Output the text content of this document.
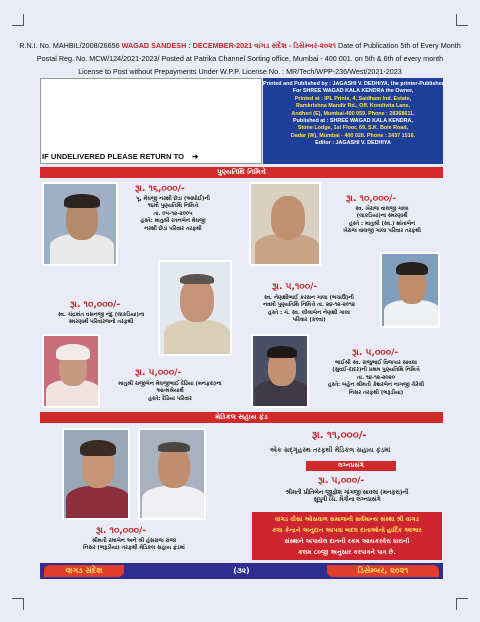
R.N.I. No. MAHBIL/2008/26656 WAGAD SANDESH : DECEMBER-2021 વાગડ સંદેશ - ડિસેમ્બર-૨૦૨૧ Date of Publication 5th of Every Month
Postal Reg. No. MCW/124/2021-2023/ Posted at Patrika Channel Sorting office, Mumbai - 400 001. on 5th & 6th of every month
License to Post without Prepayments Under W.P.P. License No. : MR/Tech/WPP-236/West/2021-2023
IF UNDELIVERED PLEASE RETURN TO ➔
Printed and Published by : JAGASHI V. DEDHIYA, the printer-Publisher,
For SHREE WAGAD KALA KENDRA the Owner,
Printed at : IPL Prints, 4, Saidham Ind. Estate,
Ramkrishna Mandir Rd., Off. Kondivita Lane,
Andheri (E), Mumbai-400 059. Phone : 28368611.
Published at : SHREE WAGAD KALA KENDRA,
Stone Lodge, 1st Floor, 69, S.K. Bole Road,
Dadar (W), Mumbai - 400 028. Phone : 2437 1516.
Editor : JAGASHI V. DEDHIYA
પુણ્યતિથિ નિમિત્તે
રૂા. ૧૬,૦૦૦/-
પૂ. મેઘજી નરશી છેડા (આધોઈ)ની
૧૬મી પુણ્યતિથિ નિમિત્તે
તા. ૦૫-૧૨-૨૦૦૫
હસ્તે: માતુશ્રી રતનબેન મેઘજી
નરશી છેડા પરિવાર તરફથી
રૂા. ૧૦,૦૦૦/-
સ્વ. ખેરાજ વાલજી ગાલા
(લાકડિયા)ના સ્મરણાર્થે
હસ્તે : માતુશ્રી (સ્વ.) શાંતાબેન
ખેરાજ વાલજી ગાલા પરિવાર તરફથી
રૂા. ૧૦,૦૦૦/-
સ્વ. ચંદ્રકાંત વસનજી નંદુ (લાકડિયા)ના
સ્મરણાર્થે પરિવારજનો તરફથી
રૂા. ૫,૧૦૦/-
સ્વ. નેણશીભાઈ કરસન ગાલા (ભચાઉ)ની
નવમી પુણ્યતિથિ નિમિત્તે તા. ૨૪-૧૨-૨૦૧૨
હસ્તે : ગં. સ્વ. લીલાબેન નેણશી ગાલા
પરિવાર (કલ્વા)
રૂા. ૫,૦૦૦/-
માતુશ્રી રાજીબેન મેઘજીભાઈ દેઢિયા (મનફરા)ના
આત્મશ્રેયાર્થે
હસ્તે: દેઢિયા પરિવાર
રૂા. ૫,૦૦૦/-
ભાઈશ્રી સ્વ. રાજુભાઈ વિજપાર સાવલા
(સુવઈ-દાદર)ની પ્રથમ પુણ્યતિથિ નિમિત્તે
તા. ૧૪-૧૨-૨૦૨૦
હસ્તે: બહેન શ્રીમતી કેશરબેન નાગજી ચેરેલી
નિસર તરફથી (ભરૂડીયા)
મેડિકલ સહાય ફંડ
રૂા. ૧૦,૦૦૦/-
શ્રીમતી રમાબેન અને શ્રી હંસરાજ રાજા
નિસર (ભરૂડીયા) તરફથી મેડિકલ સહાય ફંડમાં
રૂા. ૧૧,૦૦૦/-
એક સદ્‌ગૃહસ્થ તરફથી મેડિકલ સહાય ફંડમાં
લગ્નપ્રસંગે
રૂા. ૫,૦૦૦/-
શ્રીમતી પ્રીતિબેન જીજ્ઞેશ ગાંગજી સાવલા (મનફરા)ની
સુપુત્રી ચિ. મૈત્રીના લગ્નપ્રસંગે
વાગડ વીસા ઓસવાળ સમાજની સર્વમાન્ય સંસ્થા શ્રી વાગડ
કલા કેન્દ્રને અનુદાન આપવા બદલ દાતાઓનો હાર્દિક આભાર
સંસ્થાને અપાયેલ દાનની રકમ આયકરવેરા ધારાની
કલમ ૮૦જી અનુસાર કરપાત્રને પાત્ર છે.
(૩૨)
વાગડ સંદેશ	ડિસેમ્બર, ૨૦૨૧
